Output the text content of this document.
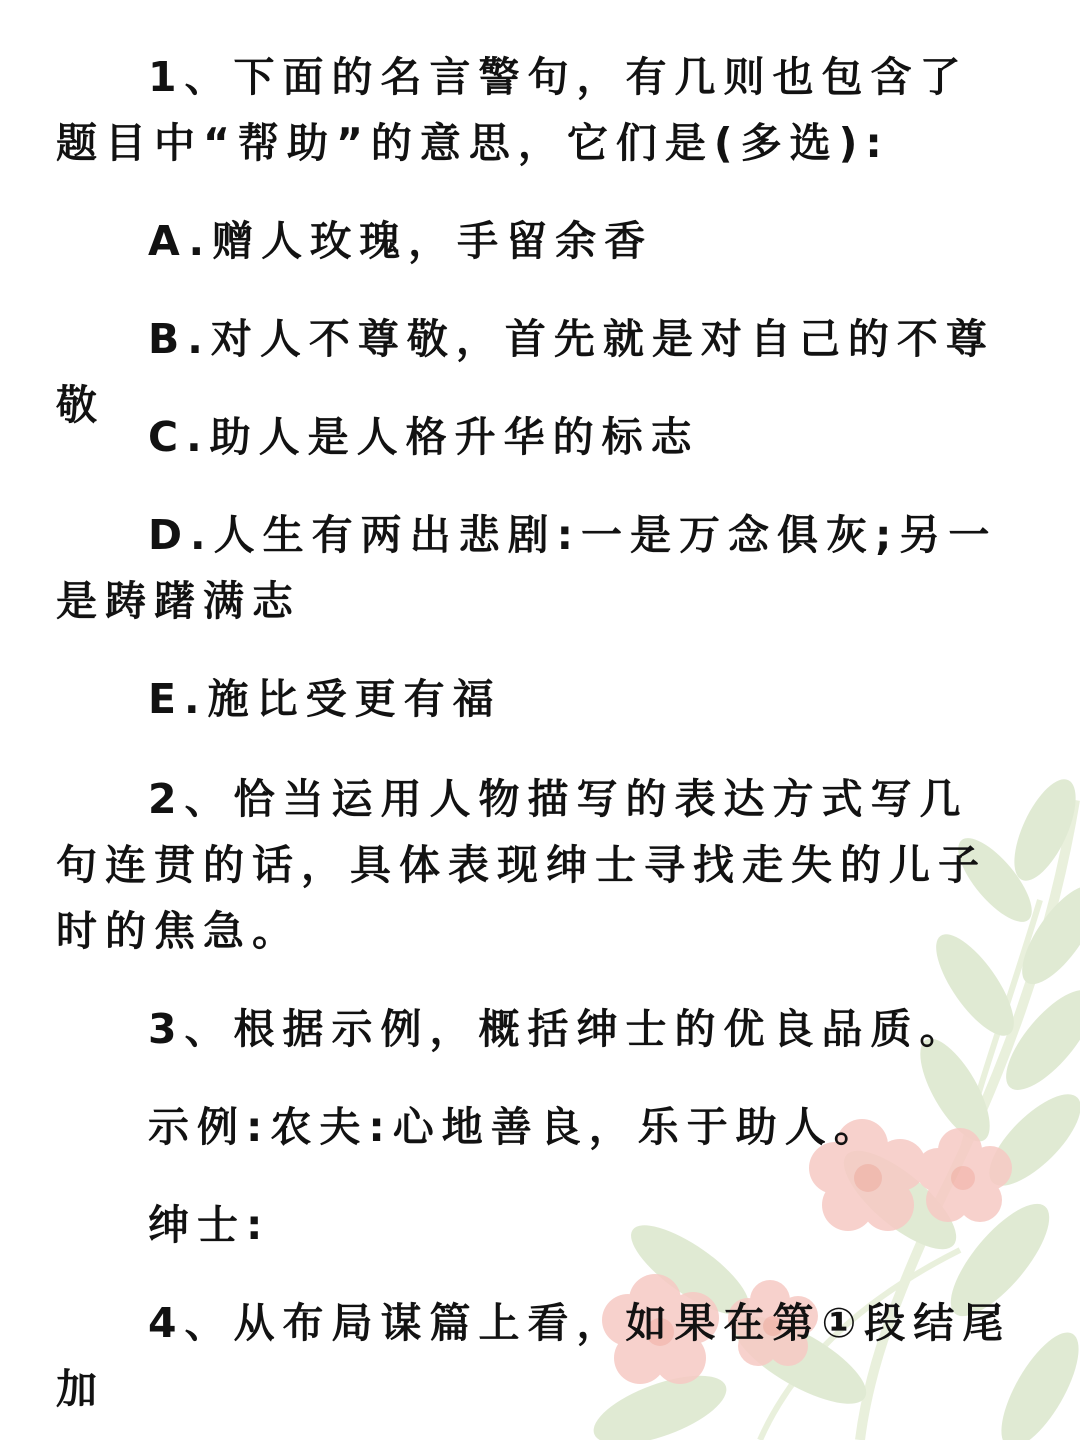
1、下面的名言警句，有几则也包含了题目中“帮助”的意思，它们是(多选):

A.赠人玫瑰，手留余香

B.对人不尊敬，首先就是对自己的不尊敬

C.助人是人格升华的标志

D.人生有两出悲剧:一是万念俱灰;另一是踌躇满志

E.施比受更有福

2、恰当运用人物描写的表达方式写几句连贯的话，具体表现绅士寻找走失的儿子时的焦急。

3、根据示例，概括绅士的优良品质。

示例:农夫:心地善良，乐于助人。

绅士:

4、从布局谋篇上看，如果在第①段结尾加
